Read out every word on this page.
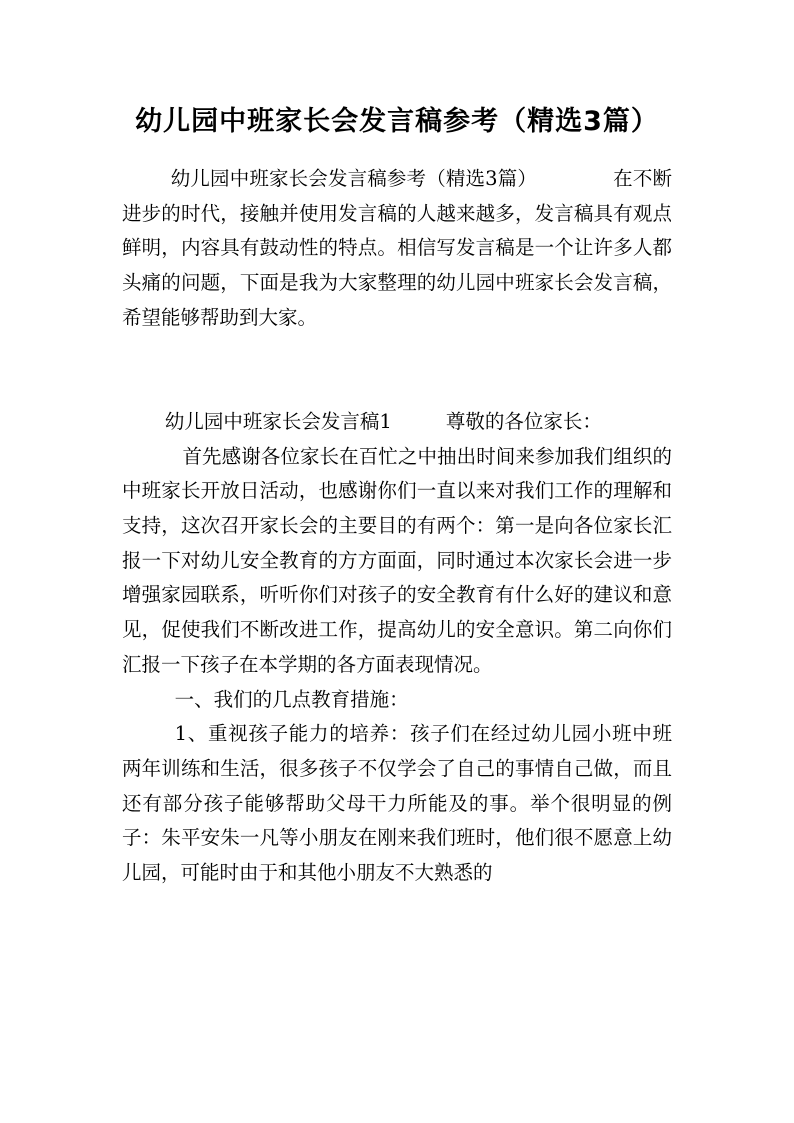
幼儿园中班家长会发言稿参考（精选3篇）

幼儿园中班家长会发言稿参考（精选3篇）	在不断进步的时代，接触并使用发言稿的人越来越多，发言稿具有观点鲜明，内容具有鼓动性的特点。相信写发言稿是一个让许多人都头痛的问题，下面是我为大家整理的幼儿园中班家长会发言稿，希望能够帮助到大家。

幼儿园中班家长会发言稿1	尊敬的各位家长：

首先感谢各位家长在百忙之中抽出时间来参加我们组织的中班家长开放日活动，也感谢你们一直以来对我们工作的理解和支持，这次召开家长会的主要目的有两个：第一是向各位家长汇报一下对幼儿安全教育的方方面面，同时通过本次家长会进一步增强家园联系，听听你们对孩子的安全教育有什么好的建议和意见，促使我们不断改进工作，提高幼儿的安全意识。第二向你们汇报一下孩子在本学期的各方面表现情况。

一、我们的几点教育措施：

1、重视孩子能力的培养：孩子们在经过幼儿园小班中班两年训练和生活，很多孩子不仅学会了自己的事情自己做，而且还有部分孩子能够帮助父母干力所能及的事。举个很明显的例子：朱平安朱一凡等小朋友在刚来我们班时，他们很不愿意上幼儿园，可能时由于和其他小朋友不大熟悉的
